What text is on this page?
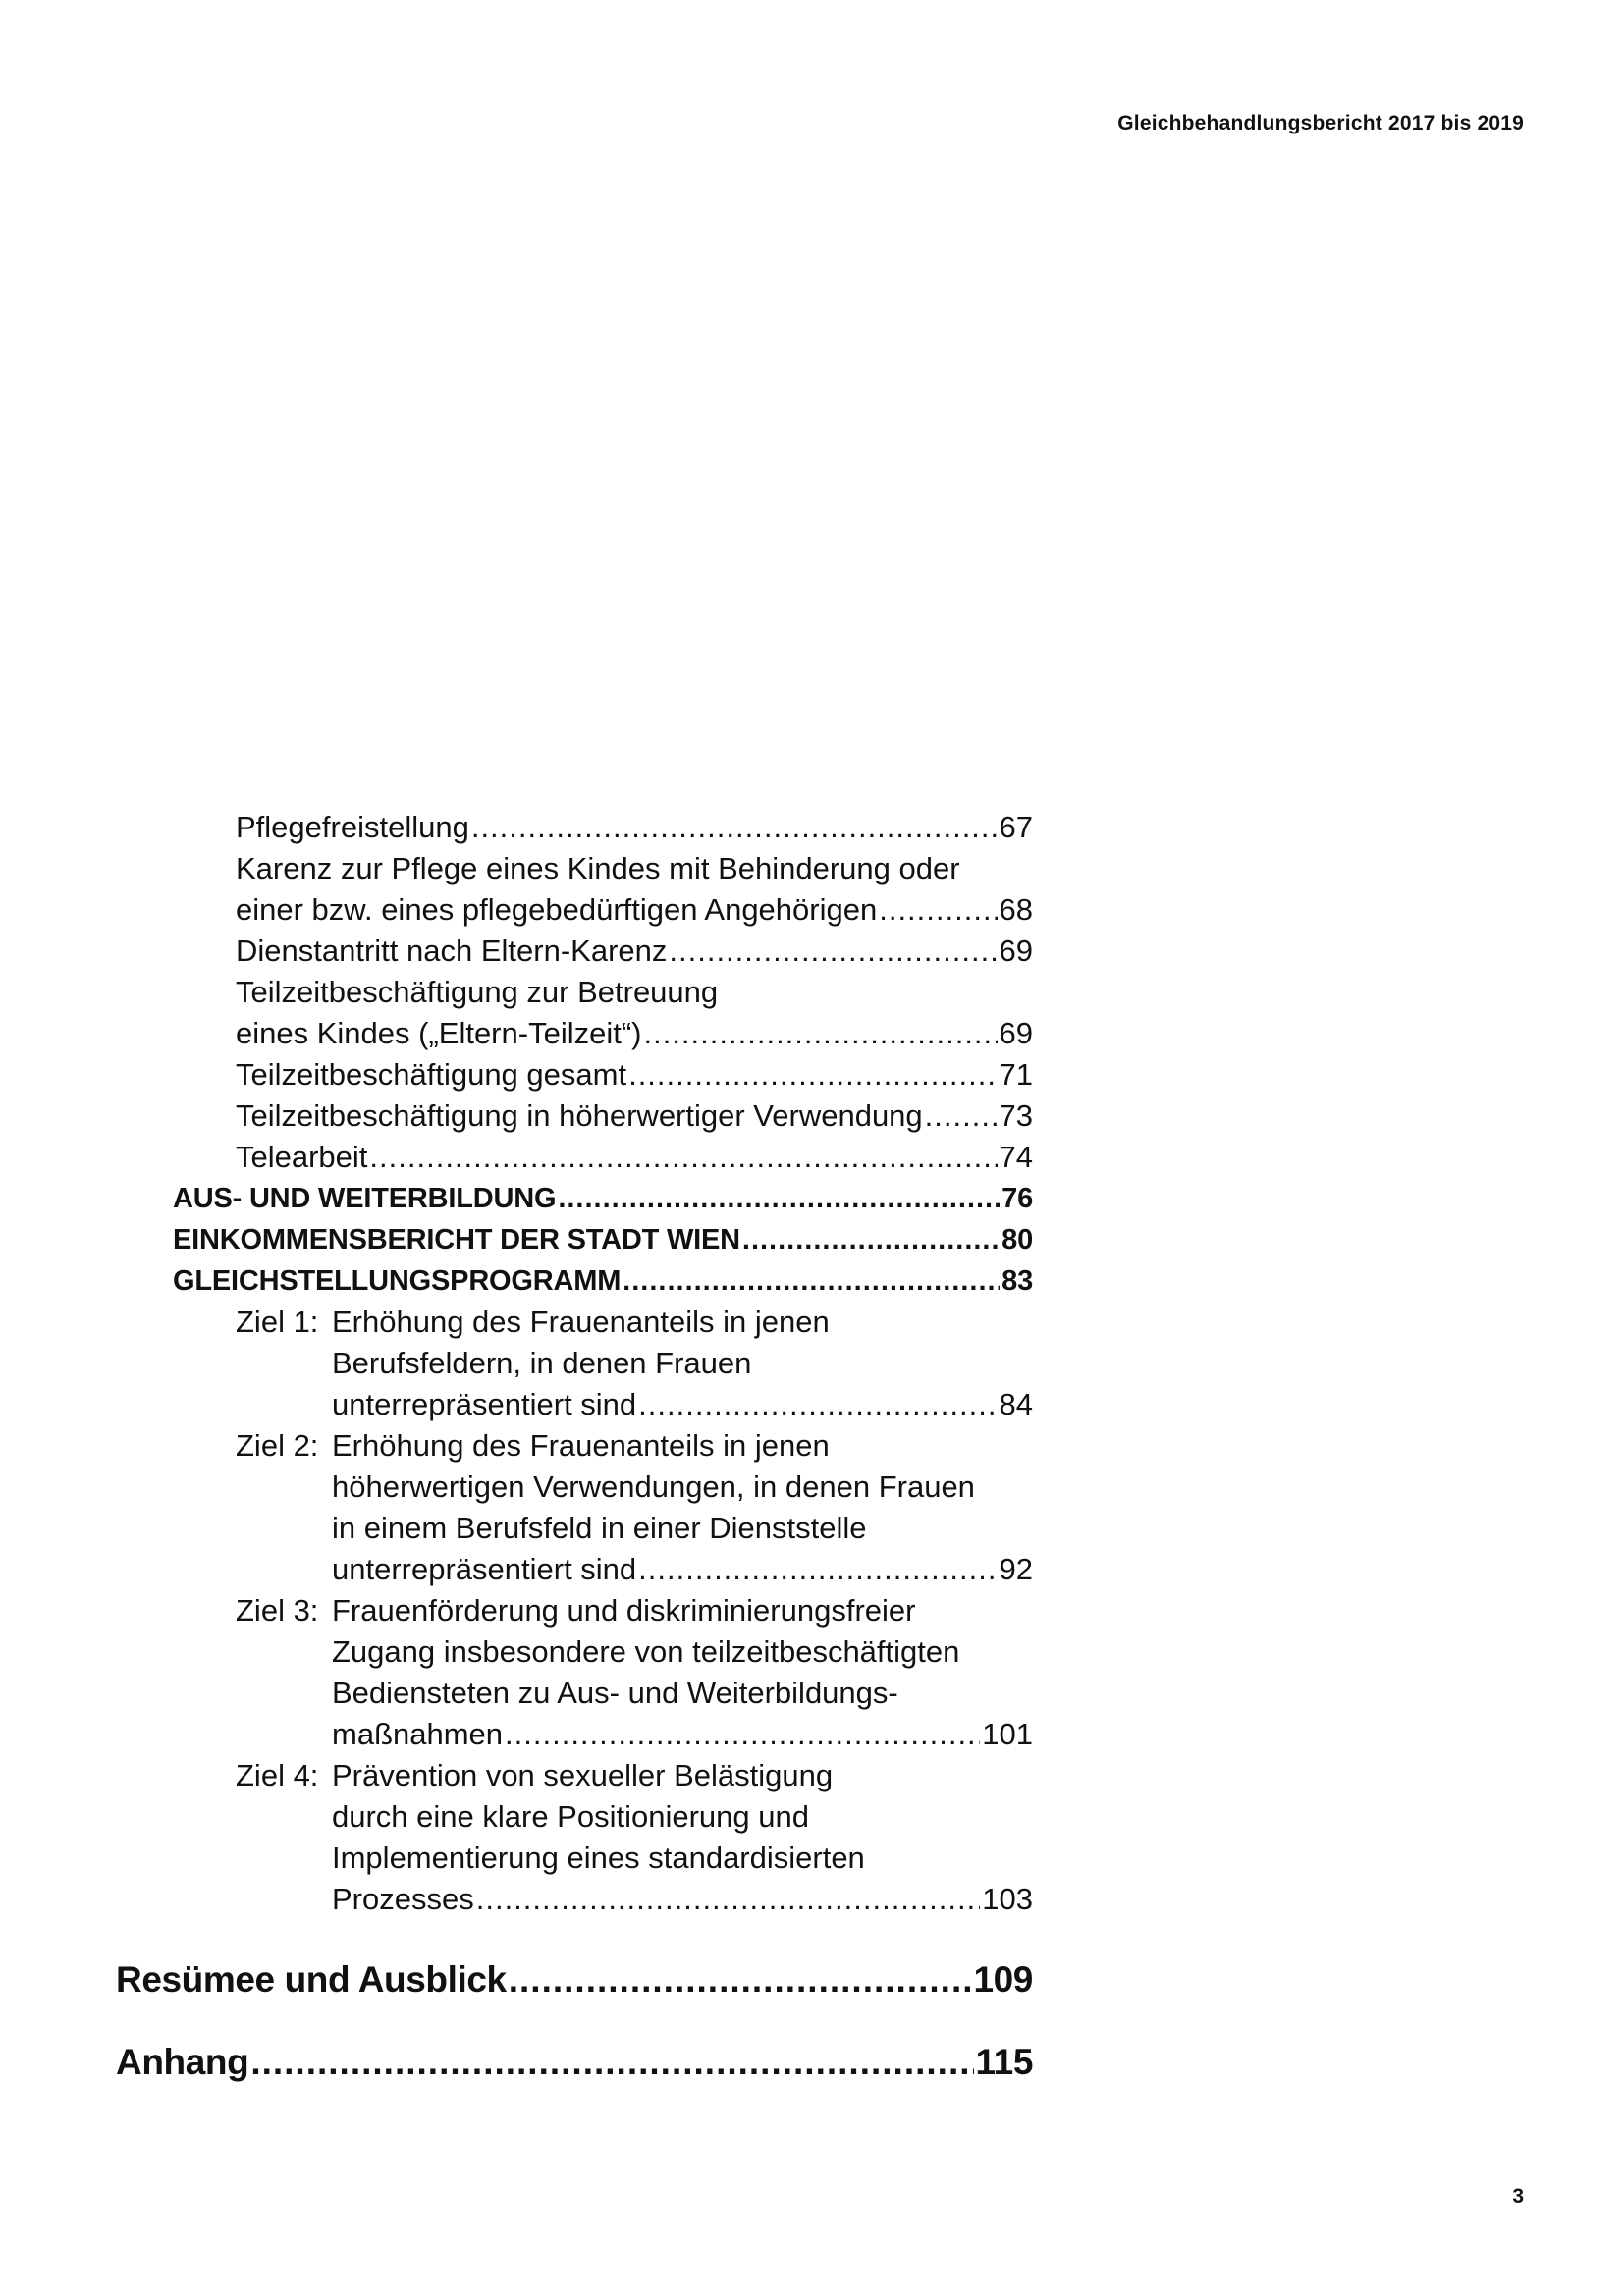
Gleichbehandlungsbericht 2017 bis 2019
Pflegefreistellung .....	67
Karenz zur Pflege eines Kindes mit Behinderung oder
einer bzw. eines pflegebedürftigen Angehörigen .....	68
Dienstantritt nach Eltern-Karenz .....	69
Teilzeitbeschäftigung zur Betreuung
eines Kindes („Eltern-Teilzeit“) .....	69
Teilzeitbeschäftigung gesamt .....	71
Teilzeitbeschäftigung in höherwertiger Verwendung .....	73
Telearbeit .....	74
AUS- UND WEITERBILDUNG .....	76
EINKOMMENSBERICHT DER STADT WIEN .....	80
GLEICHSTELLUNGSPROGRAMM .....	83
Ziel 1: Erhöhung des Frauenanteils in jenen
Berufsfeldern, in denen Frauen
unterrepräsentiert sind .....	84
Ziel 2: Erhöhung des Frauenanteils in jenen
höherwertigen Verwendungen, in denen Frauen
in einem Berufsfeld in einer Dienststelle
unterrepräsentiert sind .....	92
Ziel 3: Frauenförderung und diskriminierungsfreier
Zugang insbesondere von teilzeitbeschäftigten
Bediensteten zu Aus- und Weiterbildungs-
maßnahmen .....	101
Ziel 4: Prävention von sexueller Belästigung
durch eine klare Positionierung und
Implementierung eines standardisierten
Prozesses .....	103
Resümee und Ausblick .....	109
Anhang .....	115
3
